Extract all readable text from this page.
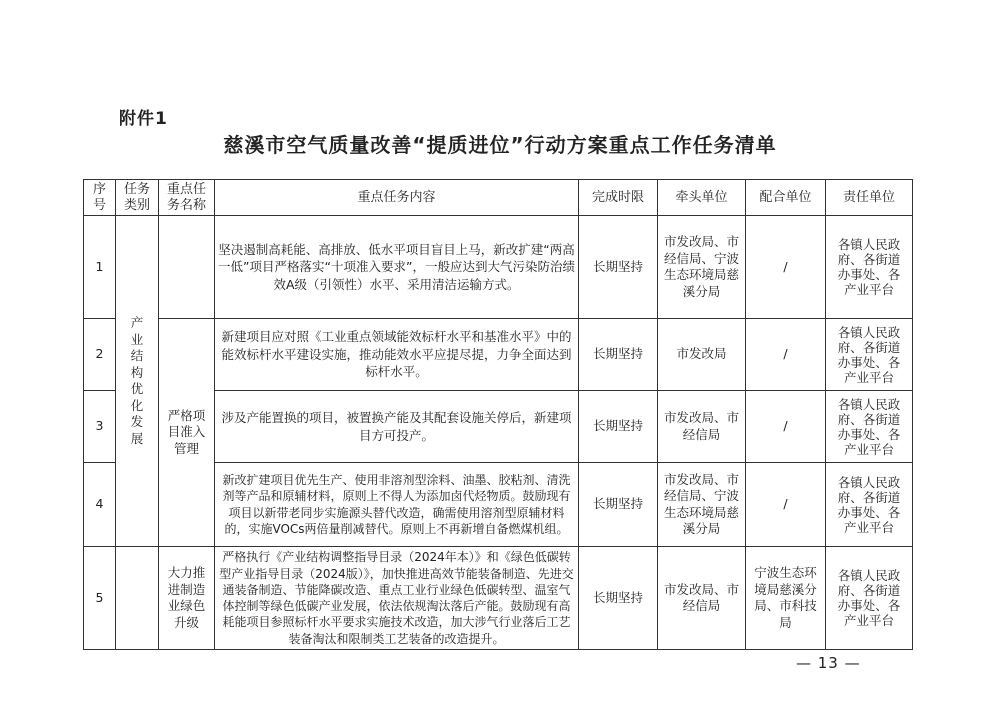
附件1
慈溪市空气质量改善“提质进位”行动方案重点工作任务清单
序号	任务类别	重点任务名称	重点任务内容	完成时限	牵头单位	配合单位	责任单位
1	产业结构优化发展		坚决遏制高耗能、高排放、低水平项目盲目上马，新改扩建“两高一低”项目严格落实“十项准入要求”，一般应达到大气污染防治绩效A级（引领性）水平、采用清洁运输方式。	长期坚持	市发改局、市经信局、宁波生态环境局慈溪分局	/	各镇人民政府、各街道办事处、各产业平台
2		严格项目准入管理	新建项目应对照《工业重点领域能效标杆水平和基准水平》中的能效标杆水平建设实施，推动能效水平应提尽提，力争全面达到标杆水平。	长期坚持	市发改局	/	各镇人民政府、各街道办事处、各产业平台
3			涉及产能置换的项目，被置换产能及其配套设施关停后，新建项目方可投产。	长期坚持	市发改局、市经信局	/	各镇人民政府、各街道办事处、各产业平台
4			新改扩建项目优先生产、使用非溶剂型涂料、油墨、胶粘剂、清洗剂等产品和原辅材料，原则上不得人为添加卤代烃物质。鼓励现有项目以新带老同步实施源头替代改造，确需使用溶剂型原辅材料的，实施VOCs两倍量削减替代。原则上不再新增自备燃煤机组。	长期坚持	市发改局、市经信局、宁波生态环境局慈溪分局	/	各镇人民政府、各街道办事处、各产业平台
5		大力推进制造业绿色升级	严格执行《产业结构调整指导目录（2024年本）》和《绿色低碳转型产业指导目录（2024版）》，加快推进高效节能装备制造、先进交通装备制造、节能降碳改造、重点工业行业绿色低碳转型、温室气体控制等绿色低碳产业发展，依法依规淘汰落后产能。鼓励现有高耗能项目参照标杆水平要求实施技术改造，加大涉气行业落后工艺装备淘汰和限制类工艺装备的改造提升。	长期坚持	市发改局、市经信局	宁波生态环境局慈溪分局、市科技局	各镇人民政府、各街道办事处、各产业平台
— 13 —
